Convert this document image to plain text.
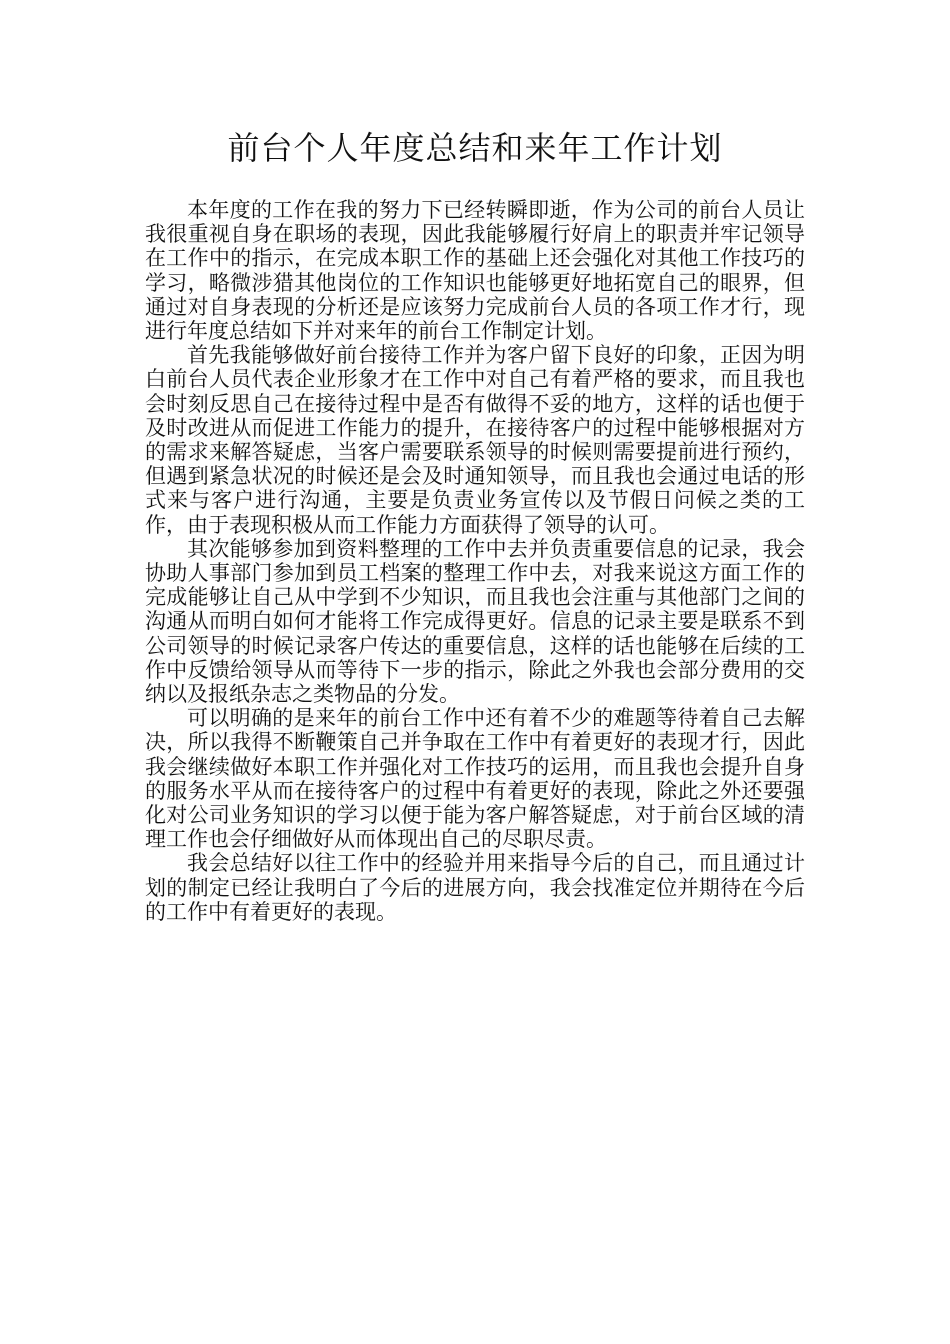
前台个人年度总结和来年工作计划

本年度的工作在我的努力下已经转瞬即逝，作为公司的前台人员让我很重视自身在职场的表现，因此我能够履行好肩上的职责并牢记领导在工作中的指示，在完成本职工作的基础上还会强化对其他工作技巧的学习，略微涉猎其他岗位的工作知识也能够更好地拓宽自己的眼界，但通过对自身表现的分析还是应该努力完成前台人员的各项工作才行，现进行年度总结如下并对来年的前台工作制定计划。

首先我能够做好前台接待工作并为客户留下良好的印象，正因为明白前台人员代表企业形象才在工作中对自己有着严格的要求，而且我也会时刻反思自己在接待过程中是否有做得不妥的地方，这样的话也便于及时改进从而促进工作能力的提升，在接待客户的过程中能够根据对方的需求来解答疑虑，当客户需要联系领导的时候则需要提前进行预约，但遇到紧急状况的时候还是会及时通知领导，而且我也会通过电话的形式来与客户进行沟通，主要是负责业务宣传以及节假日问候之类的工作，由于表现积极从而工作能力方面获得了领导的认可。

其次能够参加到资料整理的工作中去并负责重要信息的记录，我会协助人事部门参加到员工档案的整理工作中去，对我来说这方面工作的完成能够让自己从中学到不少知识，而且我也会注重与其他部门之间的沟通从而明白如何才能将工作完成得更好。信息的记录主要是联系不到公司领导的时候记录客户传达的重要信息，这样的话也能够在后续的工作中反馈给领导从而等待下一步的指示，除此之外我也会部分费用的交纳以及报纸杂志之类物品的分发。

可以明确的是来年的前台工作中还有着不少的难题等待着自己去解决，所以我得不断鞭策自己并争取在工作中有着更好的表现才行，因此我会继续做好本职工作并强化对工作技巧的运用，而且我也会提升自身的服务水平从而在接待客户的过程中有着更好的表现，除此之外还要强化对公司业务知识的学习以便于能为客户解答疑虑，对于前台区域的清理工作也会仔细做好从而体现出自己的尽职尽责。

我会总结好以往工作中的经验并用来指导今后的自己，而且通过计划的制定已经让我明白了今后的进展方向，我会找准定位并期待在今后的工作中有着更好的表现。
